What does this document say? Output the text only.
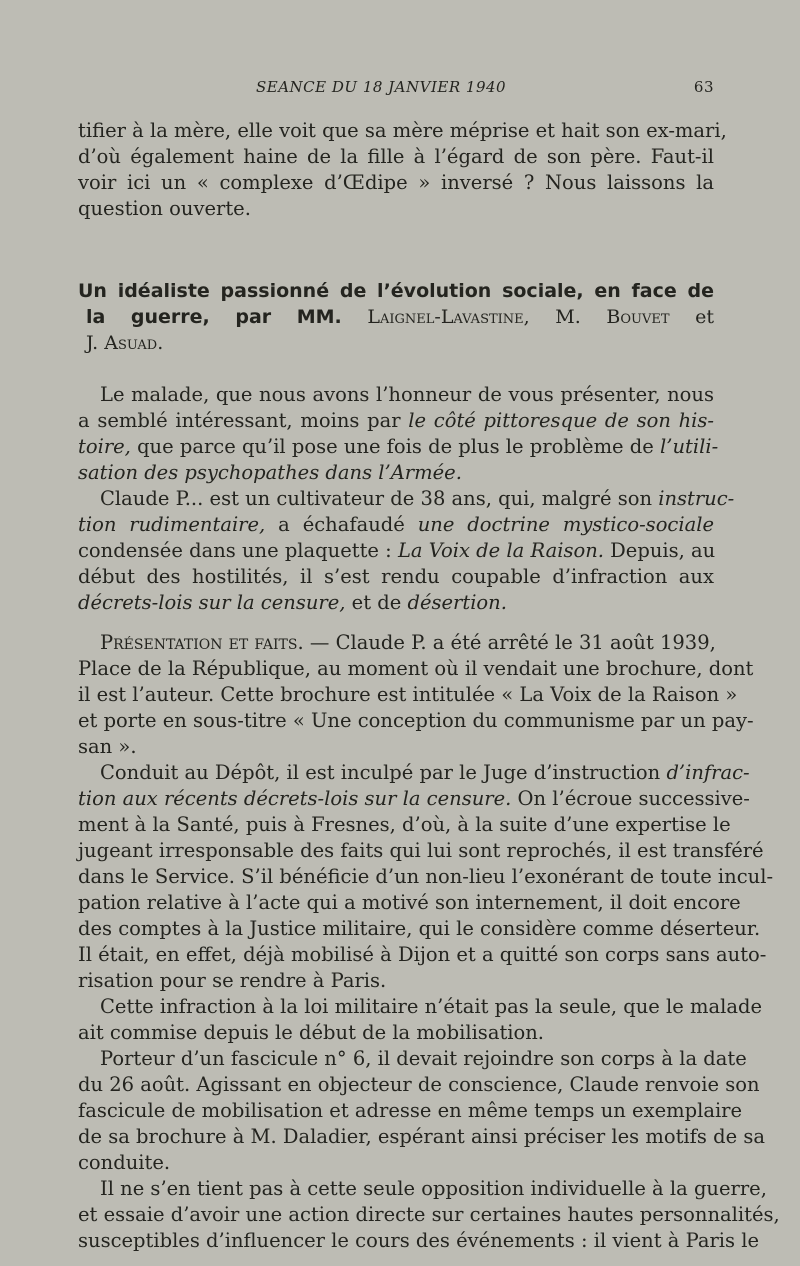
SEANCE DU 18 JANVIER 1940	63
tifier à la mère, elle voit que sa mère méprise et hait son ex-mari,
d’où également haine de la fille à l’égard de son père. Faut-il
voir ici un « complexe d’Œdipe » inversé ? Nous laissons la
question ouverte.
Un idéaliste passionné de l’évolution sociale, en face de
la guerre, par MM. Laignel-Lavastine, M. Bouvet et
J. Asuad.
Le malade, que nous avons l’honneur de vous présenter, nous
a semblé intéressant, moins par le côté pittoresque de son his-
toire, que parce qu’il pose une fois de plus le problème de l’utili-
sation des psychopathes dans l’Armée.
Claude P... est un cultivateur de 38 ans, qui, malgré son instruc-
tion rudimentaire, a échafaudé une doctrine mystico-sociale
condensée dans une plaquette : La Voix de la Raison. Depuis, au
début des hostilités, il s’est rendu coupable d’infraction aux
décrets-lois sur la censure, et de désertion.
Présentation et faits. — Claude P. a été arrêté le 31 août 1939,
Place de la République, au moment où il vendait une brochure, dont
il est l’auteur. Cette brochure est intitulée « La Voix de la Raison »
et porte en sous-titre « Une conception du communisme par un pay-
san ».
Conduit au Dépôt, il est inculpé par le Juge d’instruction d’infrac-
tion aux récents décrets-lois sur la censure. On l’écroue successive-
ment à la Santé, puis à Fresnes, d’où, à la suite d’une expertise le
jugeant irresponsable des faits qui lui sont reprochés, il est transféré
dans le Service. S’il bénéficie d’un non-lieu l’exonérant de toute incul-
pation relative à l’acte qui a motivé son internement, il doit encore
des comptes à la Justice militaire, qui le considère comme déserteur.
Il était, en effet, déjà mobilisé à Dijon et a quitté son corps sans auto-
risation pour se rendre à Paris.
Cette infraction à la loi militaire n’était pas la seule, que le malade
ait commise depuis le début de la mobilisation.
Porteur d’un fascicule n° 6, il devait rejoindre son corps à la date
du 26 août. Agissant en objecteur de conscience, Claude renvoie son
fascicule de mobilisation et adresse en même temps un exemplaire
de sa brochure à M. Daladier, espérant ainsi préciser les motifs de sa
conduite.
Il ne s’en tient pas à cette seule opposition individuelle à la guerre,
et essaie d’avoir une action directe sur certaines hautes personnalités,
susceptibles d’influencer le cours des événements : il vient à Paris le
